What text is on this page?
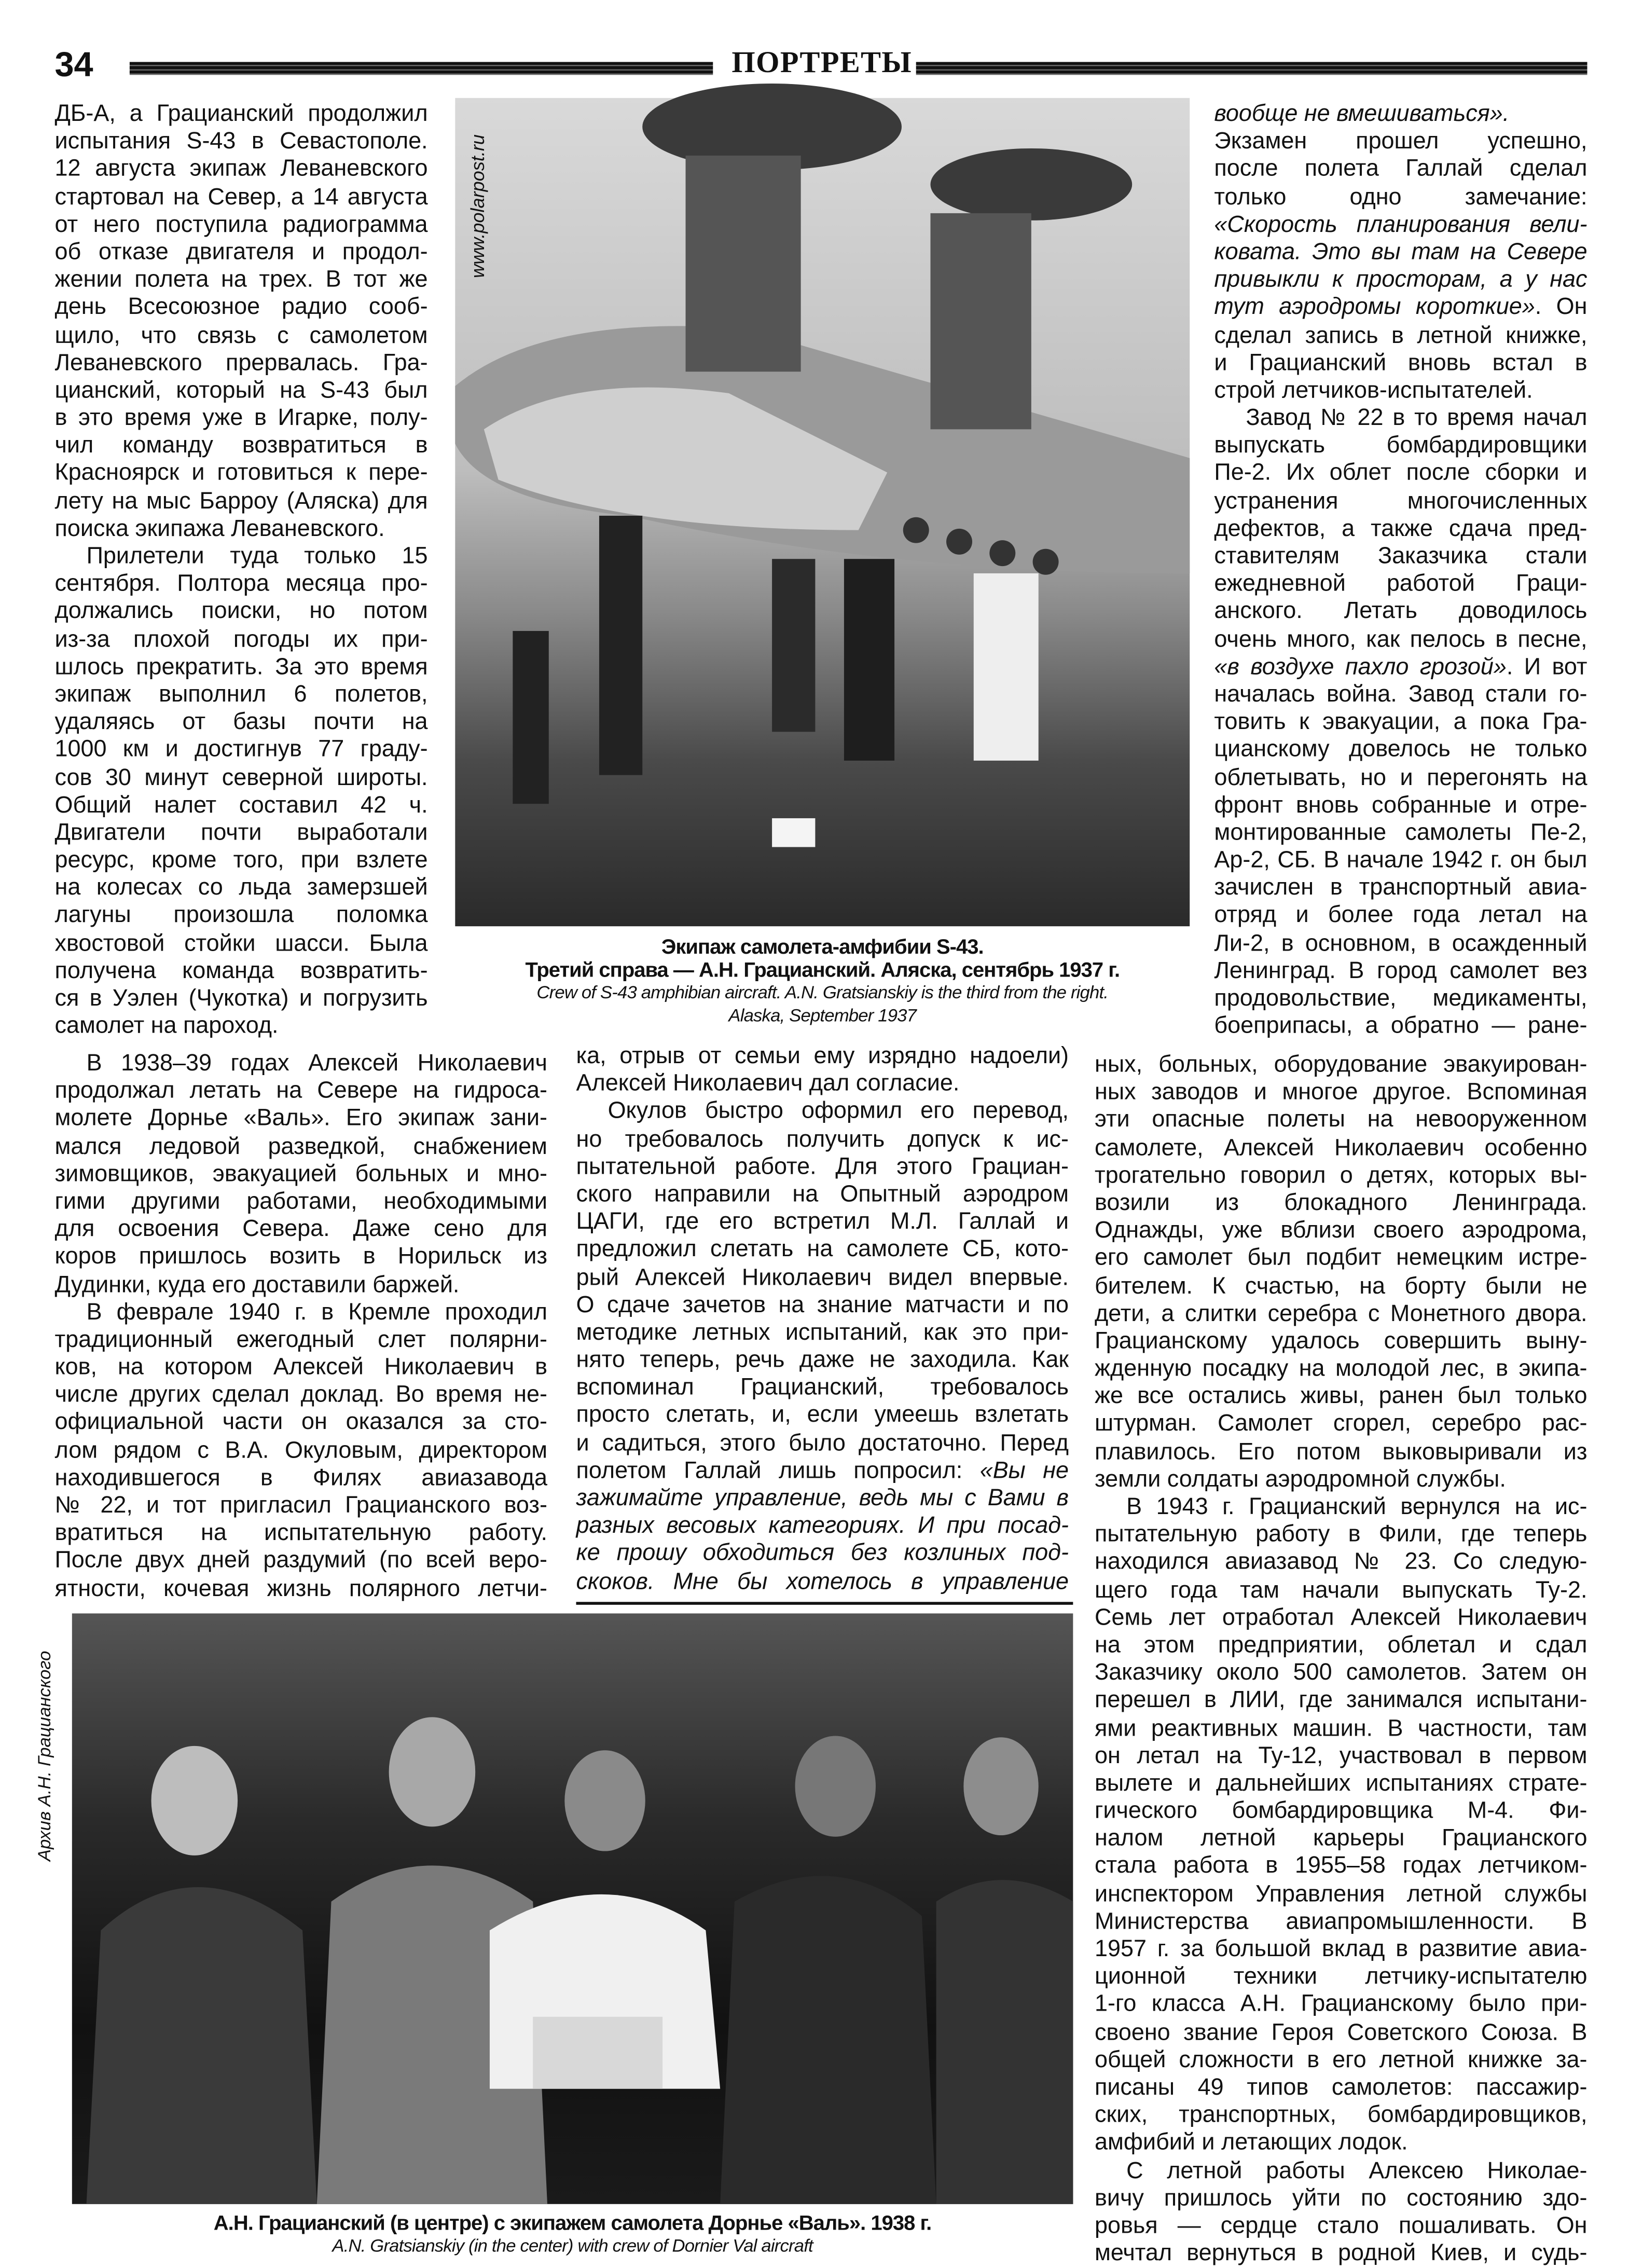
34	ПОРТРЕТЫ
ДБ-А, а Грацианский продолжил
испытания S-43 в Севастополе.
12 августа экипаж Леваневского
стартовал на Север, а 14 августа
от него поступила радиограмма
об отказе двигателя и продол-
жении полета на трех. В тот же
день Всесоюзное радио сооб-
щило, что связь с самолетом
Леваневского прервалась. Гра-
цианский, который на S-43 был
в это время уже в Игарке, полу-
чил команду возвратиться в
Красноярск и готовиться к пере-
лету на мыс Барроу (Аляска) для
поиска экипажа Леваневского.
Прилетели туда только 15
сентября. Полтора месяца про-
должались поиски, но потом
из-за плохой погоды их при-
шлось прекратить. За это время
экипаж выполнил 6 полетов,
удаляясь от базы почти на
1000 км и достигнув 77 граду-
сов 30 минут северной широты.
Общий налет составил 42 ч.
Двигатели почти выработали
ресурс, кроме того, при взлете
на колесах со льда замерзшей
лагуны произошла поломка
хвостовой стойки шасси. Была
получена команда возвратить-
ся в Уэлен (Чукотка) и погрузить
самолет на пароход.
www.polarpost.ru
Экипаж самолета-амфибии S-43.
Третий справа — А.Н. Грацианский. Аляска, сентябрь 1937 г.
Crew of S-43 amphibian aircraft. A.N. Gratsianskiy is the third from the right.
Alaska, September 1937
вообще не вмешиваться».
Экзамен прошел успешно,
после полета Галлай сделал
только одно замечание:
«Скорость планирования вели-
ковата. Это вы там на Севере
привыкли к просторам, а у нас
тут аэродромы короткие». Он
сделал запись в летной книжке,
и Грацианский вновь встал в
строй летчиков-испытателей.
Завод № 22 в то время начал
выпускать бомбардировщики
Пе-2. Их облет после сборки и
устранения многочисленных
дефектов, а также сдача пред-
ставителям Заказчика стали
ежедневной работой Граци-
анского. Летать доводилось
очень много, как пелось в песне,
«в воздухе пахло грозой». И вот
началась война. Завод стали го-
товить к эвакуации, а пока Гра-
цианскому довелось не только
облетывать, но и перегонять на
фронт вновь собранные и отре-
монтированные самолеты Пе-2,
Ар-2, СБ. В начале 1942 г. он был
зачислен в транспортный авиа-
отряд и более года летал на
Ли-2, в основном, в осажденный
Ленинград. В город самолет вез
продовольствие, медикаменты,
боеприпасы, а обратно — ране-
В 1938–39 годах Алексей Николаевич
продолжал летать на Севере на гидроса-
молете Дорнье «Валь». Его экипаж зани-
мался ледовой разведкой, снабжением
зимовщиков, эвакуацией больных и мно-
гими другими работами, необходимыми
для освоения Севера. Даже сено для
коров пришлось возить в Норильск из
Дудинки, куда его доставили баржей.
В феврале 1940 г. в Кремле проходил
традиционный ежегодный слет полярни-
ков, на котором Алексей Николаевич в
числе других сделал доклад. Во время не-
официальной части он оказался за сто-
лом рядом с В.А. Окуловым, директором
находившегося в Филях авиазавода
№ 22, и тот пригласил Грацианского воз-
вратиться на испытательную работу.
После двух дней раздумий (по всей веро-
ятности, кочевая жизнь полярного летчи-
ка, отрыв от семьи ему изрядно надоели)
Алексей Николаевич дал согласие.
Окулов быстро оформил его перевод,
но требовалось получить допуск к ис-
пытательной работе. Для этого Грациан-
ского направили на Опытный аэродром
ЦАГИ, где его встретил М.Л. Галлай и
предложил слетать на самолете СБ, кото-
рый Алексей Николаевич видел впервые.
О сдаче зачетов на знание матчасти и по
методике летных испытаний, как это при-
нято теперь, речь даже не заходила. Как
вспоминал Грацианский, требовалось
просто слетать, и, если умеешь взлетать
и садиться, этого было достаточно. Перед
полетом Галлай лишь попросил: «Вы не
зажимайте управление, ведь мы с Вами в
разных весовых категориях. И при посад-
ке прошу обходиться без козлиных под-
скоков. Мне бы хотелось в управление
ных, больных, оборудование эвакуирован-
ных заводов и многое другое. Вспоминая
эти опасные полеты на невооруженном
самолете, Алексей Николаевич особенно
трогательно говорил о детях, которых вы-
возили из блокадного Ленинграда.
Однажды, уже вблизи своего аэродрома,
его самолет был подбит немецким истре-
бителем. К счастью, на борту были не
дети, а слитки серебра с Монетного двора.
Грацианскому удалось совершить выну-
жденную посадку на молодой лес, в экипа-
же все остались живы, ранен был только
штурман. Самолет сгорел, серебро рас-
плавилось. Его потом выковыривали из
земли солдаты аэродромной службы.
В 1943 г. Грацианский вернулся на ис-
пытательную работу в Фили, где теперь
находился авиазавод № 23. Со следую-
щего года там начали выпускать Ту-2.
Семь лет отработал Алексей Николаевич
на этом предприятии, облетал и сдал
Заказчику около 500 самолетов. Затем он
перешел в ЛИИ, где занимался испытани-
ями реактивных машин. В частности, там
он летал на Ту-12, участвовал в первом
вылете и дальнейших испытаниях страте-
гического бомбардировщика М-4. Фи-
налом летной карьеры Грацианского
стала работа в 1955–58 годах летчиком-
инспектором Управления летной службы
Министерства авиапромышленности. В
1957 г. за большой вклад в развитие авиа-
ционной техники летчику-испытателю
1-го класса А.Н. Грацианскому было при-
своено звание Героя Советского Союза. В
общей сложности в его летной книжке за-
писаны 49 типов самолетов: пассажир-
ских, транспортных, бомбардировщиков,
амфибий и летающих лодок.
С летной работы Алексею Николае-
вичу пришлось уйти по состоянию здо-
ровья — сердце стало пошаливать. Он
мечтал вернуться в родной Киев, и судь-
Архив А.Н. Грацианского
А.Н. Грацианский (в центре) с экипажем самолета Дорнье «Валь». 1938 г.
A.N. Gratsianskiy (in the center) with crew of Dornier Val aircraft
